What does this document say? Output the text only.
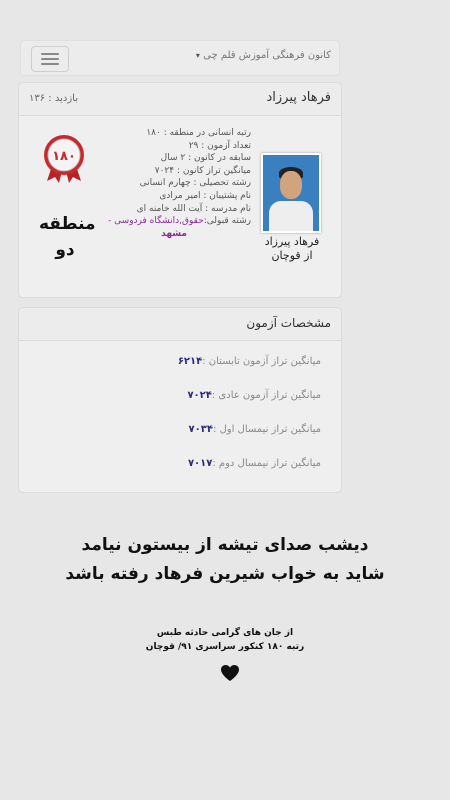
کانون فرهنگی آموزش قلم چی ▾
فرهاد پیرزاد
بازدید : ۱۳۶
فرهاد پیرزاد
از قوچان
رتبه انسانی در منطقه : ۱۸۰
تعداد آزمون : ۲۹
سابقه در کانون : ۲ سال
میانگین تراز کانون : ۷۰۲۴
رشته تحصیلی : چهارم انسانی
نام پشتیبان : امیر مرادی
نام مدرسه : آیت الله خامنه ای
رشته قبولی:حقوق,دانشگاه فردوسی -
مشهد
۱۸۰
منطقه
دو
مشخصات آزمون
میانگین تراز آزمون تابستان :۶۲۱۴
میانگین تراز آزمون عادی :۷۰۲۴
میانگین تراز نیمسال اول :۷۰۳۴
میانگین تراز نیمسال دوم :۷۰۱۷
دیشب صدای تیشه از بیستون نیامد
شاید به خواب شیرین فرهاد رفته باشد
از جان های گرامی حادثه طبس
رتبه ۱۸۰ کنکور سراسری ۹۱/ قوچان
